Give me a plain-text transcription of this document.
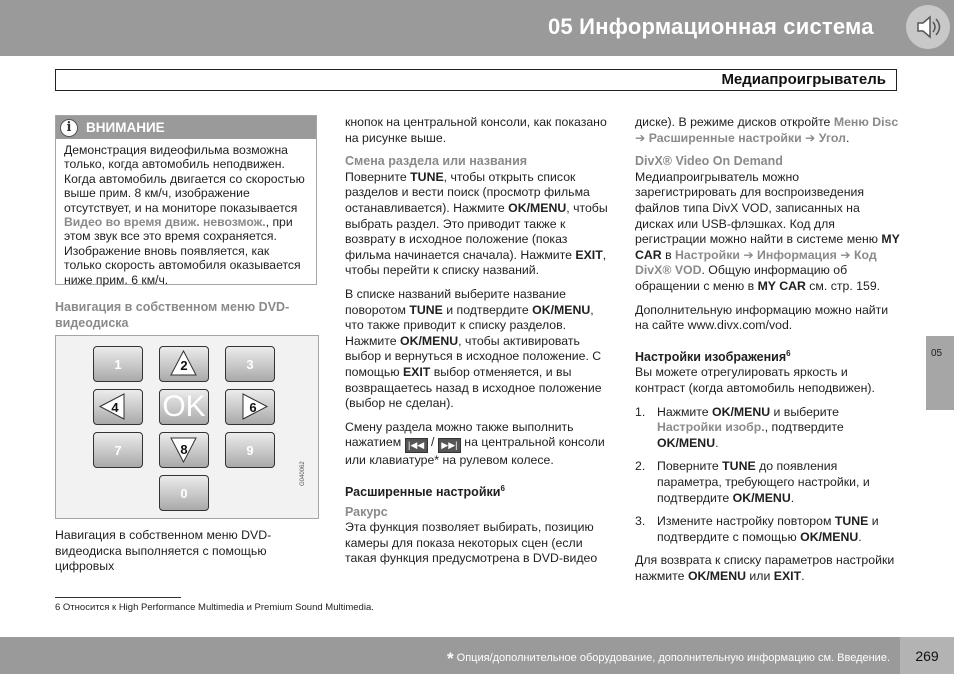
05 Информационная система
Медиапроигрыватель
i	ВНИМАНИЕ
Демонстрация видеофильма возможна только, когда автомобиль неподвижен. Когда автомобиль двигается со скоростью выше прим. 8 км/ч, изображение отсутствует, и на мониторе показывается Видео во время движ. невозмож., при этом звук все это время сохраняется. Изображение вновь появляется, как только скорость автомобиля оказывается ниже прим. 6 км/ч.

Навигация в собственном меню DVD-видеодиска

1	2	3
4 OK	6
7	8	9
0
G040062

Навигация в собственном меню DVD-видеодиска выполняется с помощью цифровых

кнопок на центральной консоли, как показано на рисунке выше.

Смена раздела или названия

Поверните TUNE, чтобы открыть список разделов и вести поиск (просмотр фильма останавливается). Нажмите OK/MENU, чтобы выбрать раздел. Это приводит также к возврату в исходное положение (показ фильма начинается сначала). Нажмите EXIT, чтобы перейти к списку названий.

В списке названий выберите название поворотом TUNE и подтвердите OK/MENU, что также приводит к списку разделов. Нажмите OK/MENU, чтобы активировать выбор и вернуться в исходное положение. С помощью EXIT выбор отменяется, и вы возвращаетесь назад в исходное положение (выбор не сделан).

Смену раздела можно также выполнить нажатием |◀◀ / ▶▶| на центральной консоли или клавиатуре* на рулевом колесе.

Расширенные настройки$^6$

Ракурс

Эта функция позволяет выбирать, позицию камеры для показа некоторых сцен (если такая функция предусмотрена в DVD-видео

диске). В режиме дисков откройте Меню Disc ➔ Расширенные настройки ➔ Угол.

DivX® Video On Demand

Медиапроигрыватель можно зарегистрировать для воспроизведения файлов типа DivX VOD, записанных на дисках или USB-флэшках. Код для регистрации можно найти в системе меню MY CAR в Настройки ➔ Информация ➔ Код DivX® VOD. Общую информацию об обращении с меню в MY CAR см. стр. 159.

Дополнительную информацию можно найти на сайте www.divx.com/vod.

Настройки изображения$^6$

Вы можете отрегулировать яркость и контраст (когда автомобиль неподвижен).

1. Нажмите OK/MENU и выберите Настройки изобр., подтвердите OK/MENU.
2. Поверните TUNE до появления параметра, требующего настройки, и подтвердите OK/MENU.
3. Измените настройку повтором TUNE и подтвердите с помощью OK/MENU.

Для возврата к списку параметров настройки нажмите OK/MENU или EXIT.

05
6 Относится к High Performance Multimedia и Premium Sound Multimedia.
* Опция/дополнительное оборудование, дополнительную информацию см. Введение.	269
